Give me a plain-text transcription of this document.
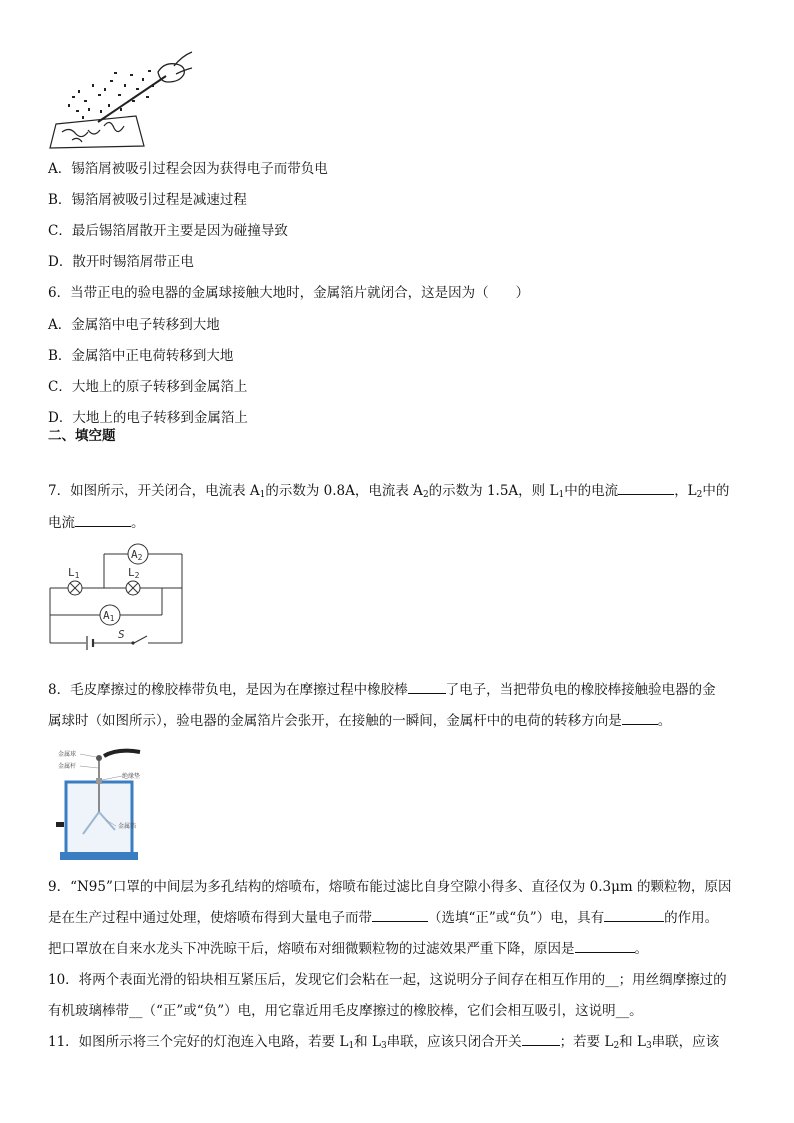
A．锡箔屑被吸引过程会因为获得电子而带负电
B．锡箔屑被吸引过程是减速过程
C．最后锡箔屑散开主要是因为碰撞导致
D．散开时锡箔屑带正电
6．当带正电的验电器的金属球接触大地时，金属箔片就闭合，这是因为（　　）
A．金属箔中电子转移到大地
B．金属箔中正电荷转移到大地
C．大地上的原子转移到金属箔上
D．大地上的电子转移到金属箔上
二、填空题
7．如图所示，开关闭合，电流表 $A_1$的示数为 0.8A，电流表 $A_2$的示数为 1.5A，则 $L_1$中的电流	，$L_2$中的
电流	。
A2
A1
L1	L2
S
8．毛皮摩擦过的橡胶棒带负电，是因为在摩擦过程中橡胶棒	了电子，当把带负电的橡胶棒接触验电器的金
属球时（如图所示），验电器的金属箔片会张开，在接触的一瞬间，金属杆中的电荷的转移方向是	。
金属球
金属杆
绝缘垫
金属箔
9．“N95”口罩的中间层为多孔结构的熔喷布，熔喷布能过滤比自身空隙小得多、直径仅为 0.3μm 的颗粒物，原因
是在生产过程中通过处理，使熔喷布得到大量电子而带	（选填“正”或“负”）电，具有	的作用。
把口罩放在自来水龙头下冲洗晾干后，熔喷布对细微颗粒物的过滤效果严重下降，原因是	。
10．将两个表面光滑的铅块相互紧压后，发现它们会粘在一起，这说明分子间存在相互作用的__；用丝绸摩擦过的
有机玻璃棒带__（“正”或“负”）电，用它靠近用毛皮摩擦过的橡胶棒，它们会相互吸引，这说明__。
11．如图所示将三个完好的灯泡连入电路，若要 $L_1$和 $L_3$串联，应该只闭合开关	；若要 $L_2$和 $L_3$串联，应该
